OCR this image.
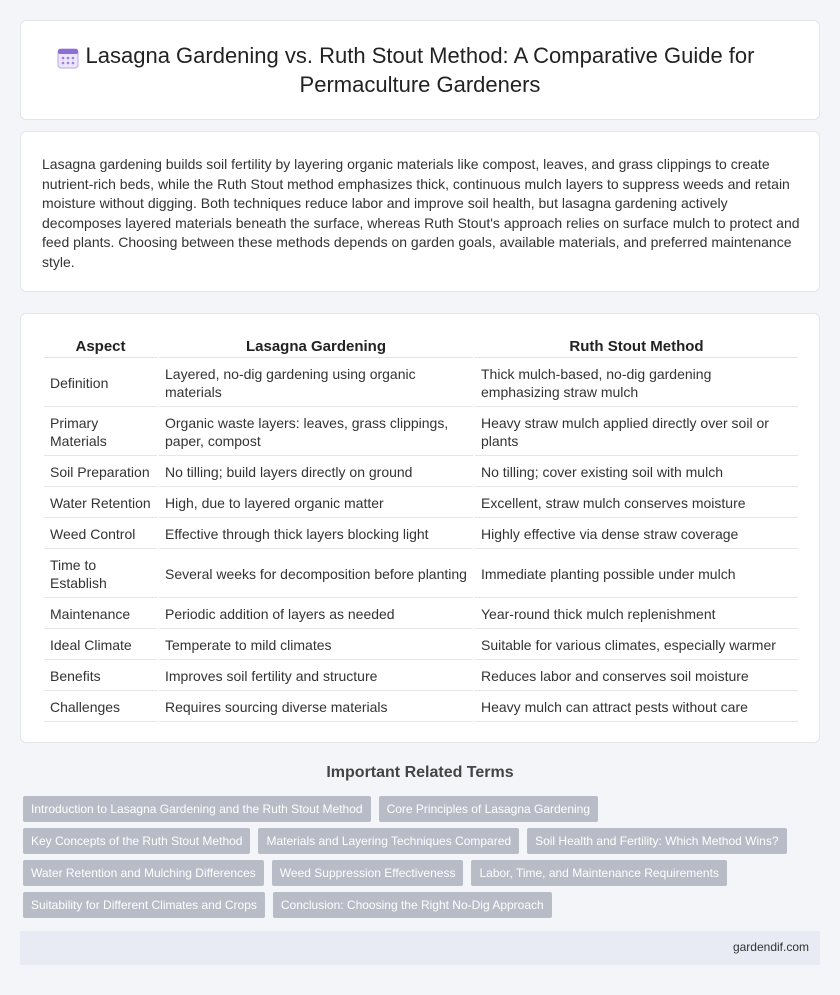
Lasagna Gardening vs. Ruth Stout Method: A Comparative Guide for Permaculture Gardeners

Lasagna gardening builds soil fertility by layering organic materials like compost, leaves, and grass clippings to create nutrient-rich beds, while the Ruth Stout method emphasizes thick, continuous mulch layers to suppress weeds and retain moisture without digging. Both techniques reduce labor and improve soil health, but lasagna gardening actively decomposes layered materials beneath the surface, whereas Ruth Stout's approach relies on surface mulch to protect and feed plants. Choosing between these methods depends on garden goals, available materials, and preferred maintenance style.

Aspect	Lasagna Gardening	Ruth Stout Method
Definition	Layered, no-dig gardening using organic materials	Thick mulch-based, no-dig gardening emphasizing straw mulch
Primary Materials	Organic waste layers: leaves, grass clippings, paper, compost	Heavy straw mulch applied directly over soil or plants
Soil Preparation	No tilling; build layers directly on ground	No tilling; cover existing soil with mulch
Water Retention	High, due to layered organic matter	Excellent, straw mulch conserves moisture
Weed Control	Effective through thick layers blocking light	Highly effective via dense straw coverage
Time to Establish	Several weeks for decomposition before planting	Immediate planting possible under mulch
Maintenance	Periodic addition of layers as needed	Year-round thick mulch replenishment
Ideal Climate	Temperate to mild climates	Suitable for various climates, especially warmer
Benefits	Improves soil fertility and structure	Reduces labor and conserves soil moisture
Challenges	Requires sourcing diverse materials	Heavy mulch can attract pests without care
Important Related Terms
Introduction to Lasagna Gardening and the Ruth Stout Method	Core Principles of Lasagna Gardening
Key Concepts of the Ruth Stout Method	Materials and Layering Techniques Compared	Soil Health and Fertility: Which Method Wins?
Water Retention and Mulching Differences	Weed Suppression Effectiveness	Labor, Time, and Maintenance Requirements
Suitability for Different Climates and Crops	Conclusion: Choosing the Right No-Dig Approach
gardendif.com
